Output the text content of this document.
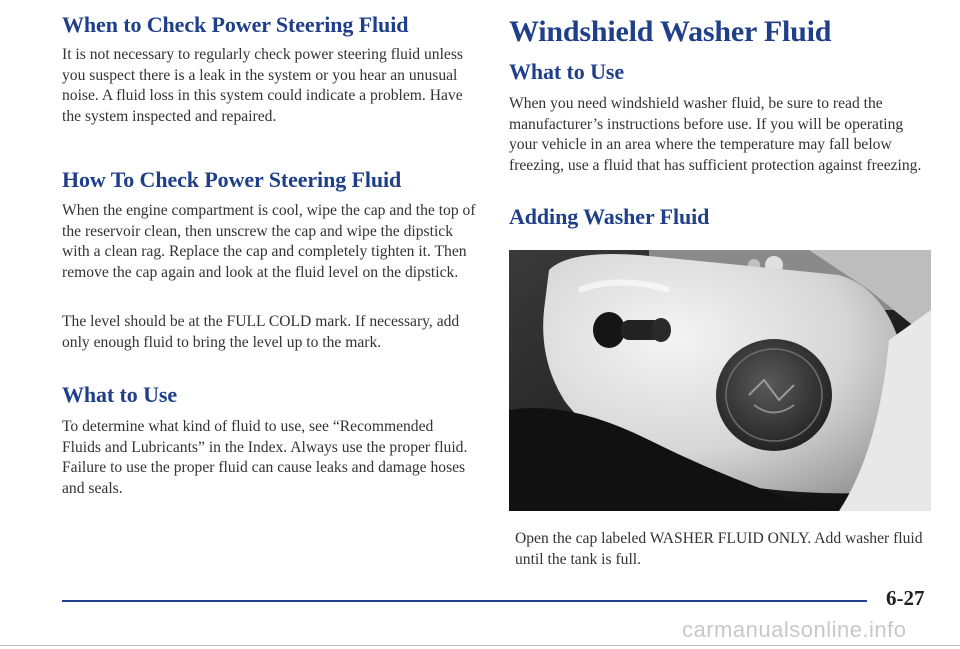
When to Check Power Steering Fluid

It is not necessary to regularly check power steering fluid unless you suspect there is a leak in the system or you hear an unusual noise. A fluid loss in this system could indicate a problem. Have the system inspected and repaired.

How To Check Power Steering Fluid

When the engine compartment is cool, wipe the cap and the top of the reservoir clean, then unscrew the cap and wipe the dipstick with a clean rag. Replace the cap and completely tighten it. Then remove the cap again and look at the fluid level on the dipstick.

The level should be at the FULL COLD mark. If necessary, add only enough fluid to bring the level up to the mark.

What to Use

To determine what kind of fluid to use, see “Recommended Fluids and Lubricants” in the Index. Always use the proper fluid. Failure to use the proper fluid can cause leaks and damage hoses and seals.

Windshield Washer Fluid
What to Use

When you need windshield washer fluid, be sure to read the manufacturer’s instructions before use. If you will be operating your vehicle in an area where the temperature may fall below freezing, use a fluid that has sufficient protection against freezing.

Adding Washer Fluid

Open the cap labeled WASHER FLUID ONLY. Add washer fluid until the tank is full.

6-27
carmanualsonline.info
